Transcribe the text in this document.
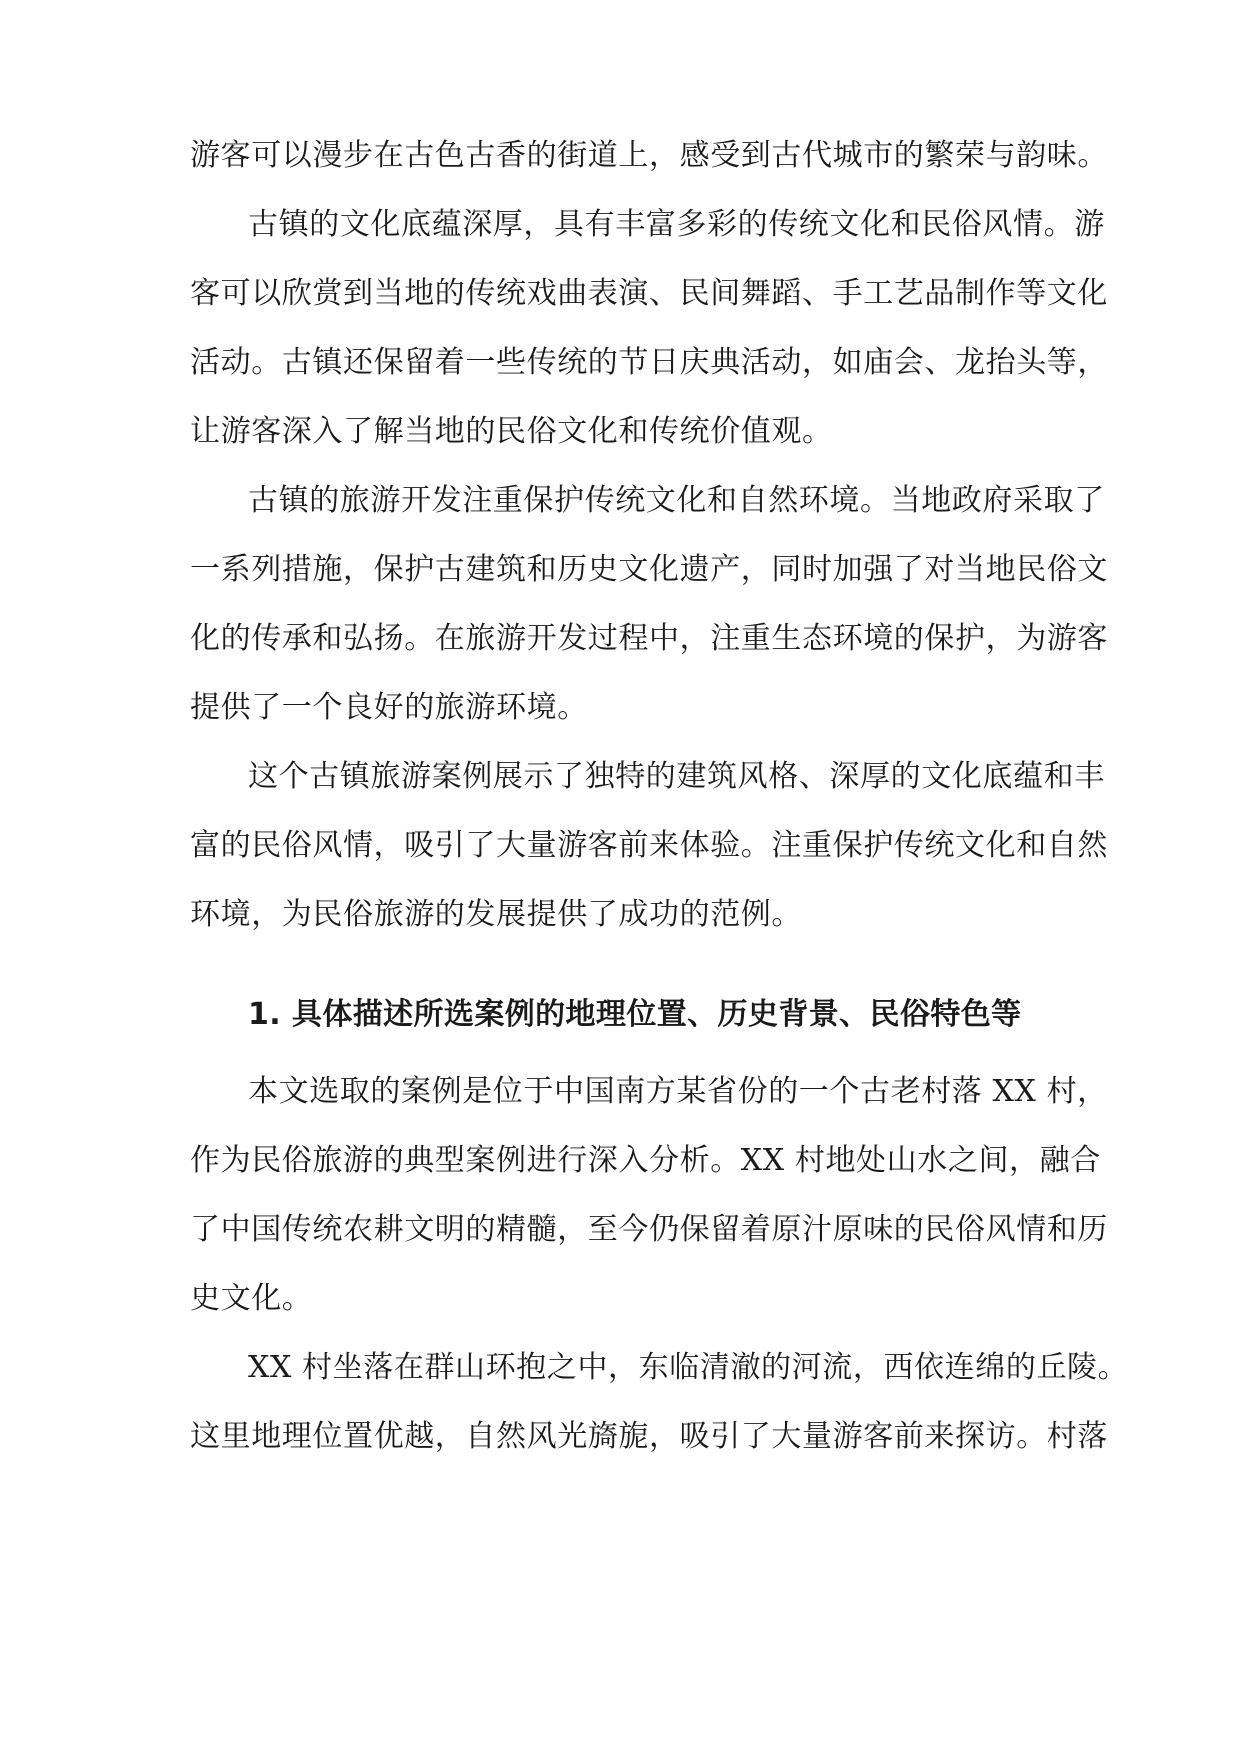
游客可以漫步在古色古香的街道上，感受到古代城市的繁荣与韵味。
古镇的文化底蕴深厚，具有丰富多彩的传统文化和民俗风情。游
客可以欣赏到当地的传统戏曲表演、民间舞蹈、手工艺品制作等文化
活动。古镇还保留着一些传统的节日庆典活动，如庙会、龙抬头等，
让游客深入了解当地的民俗文化和传统价值观。
古镇的旅游开发注重保护传统文化和自然环境。当地政府采取了
一系列措施，保护古建筑和历史文化遗产，同时加强了对当地民俗文
化的传承和弘扬。在旅游开发过程中，注重生态环境的保护，为游客
提供了一个良好的旅游环境。
这个古镇旅游案例展示了独特的建筑风格、深厚的文化底蕴和丰
富的民俗风情，吸引了大量游客前来体验。注重保护传统文化和自然
环境，为民俗旅游的发展提供了成功的范例。
1. 具体描述所选案例的地理位置、历史背景、民俗特色等
本文选取的案例是位于中国南方某省份的一个古老村落 XX 村，
作为民俗旅游的典型案例进行深入分析。XX 村地处山水之间，融合
了中国传统农耕文明的精髓，至今仍保留着原汁原味的民俗风情和历
史文化。
XX 村坐落在群山环抱之中，东临清澈的河流，西依连绵的丘陵。
这里地理位置优越，自然风光旖旎，吸引了大量游客前来探访。村落
